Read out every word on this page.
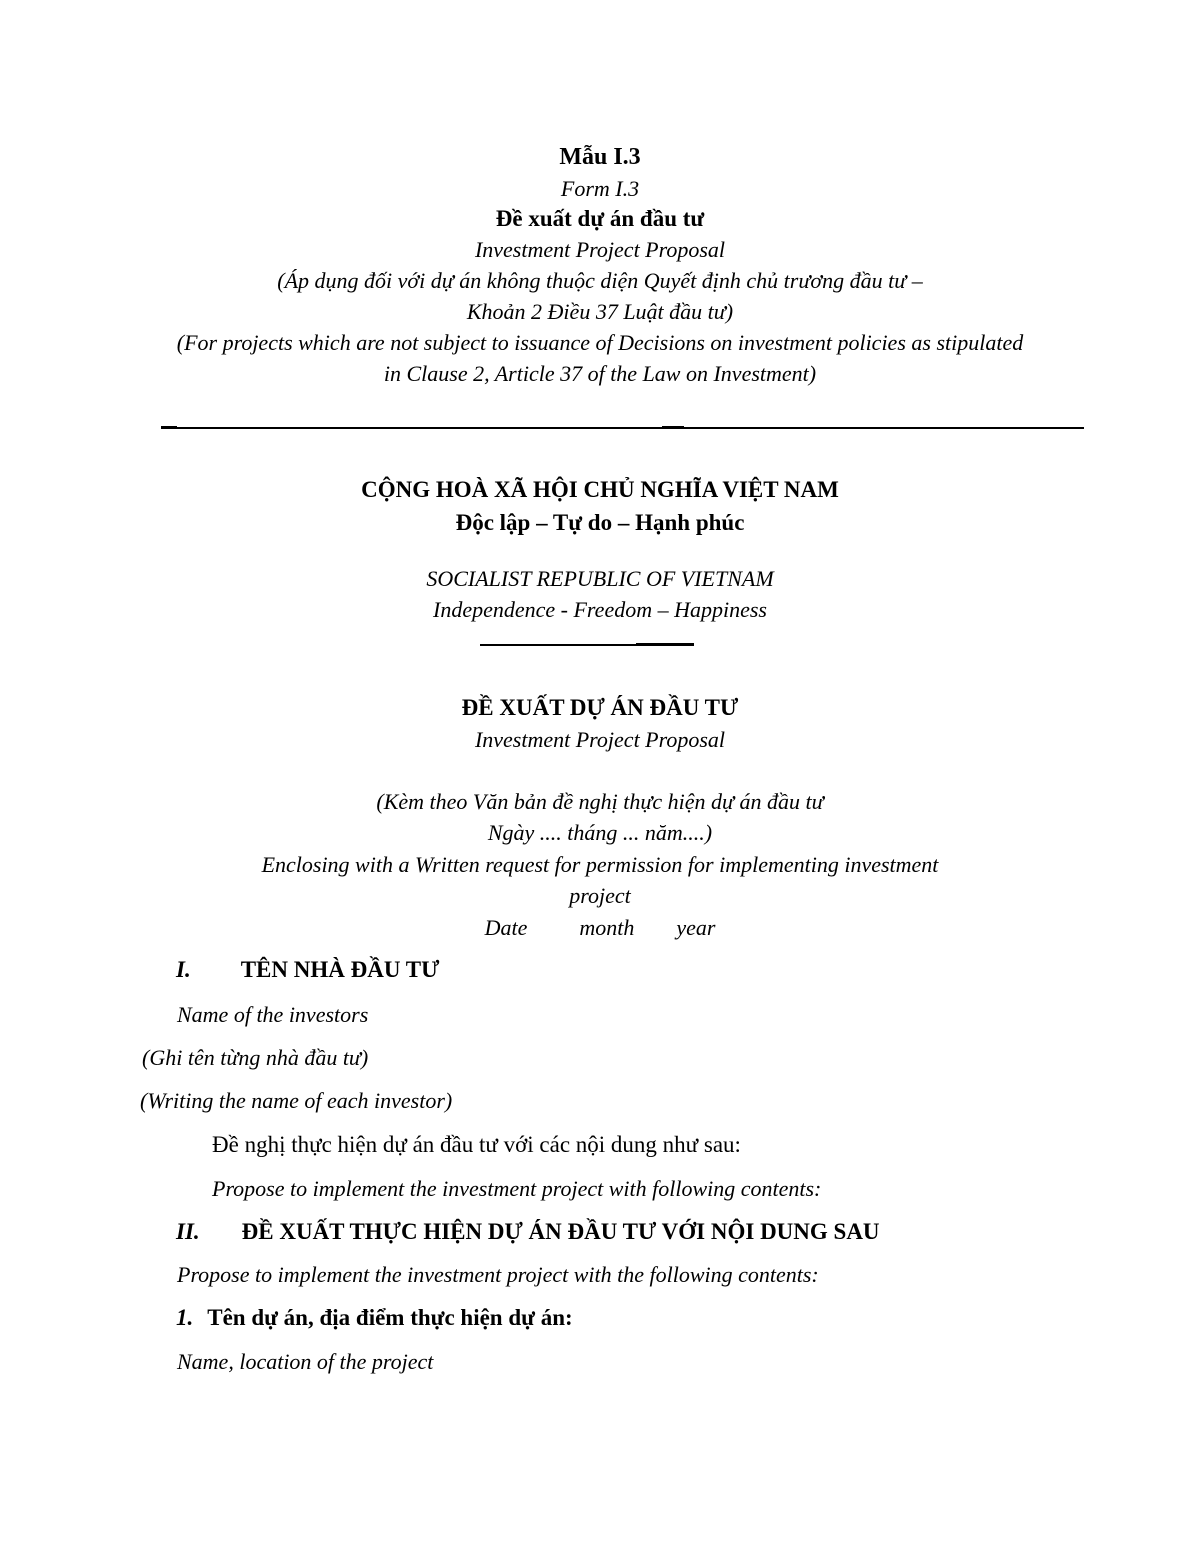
Mẫu I.3
Form I.3
Đề xuất dự án đầu tư
Investment Project Proposal
(Áp dụng đối với dự án không thuộc diện Quyết định chủ trương đầu tư –
Khoản 2 Điều 37 Luật đầu tư)
(For projects which are not subject to issuance of Decisions on investment policies as stipulated
in Clause 2, Article 37 of the Law on Investment)
CỘNG HOÀ XÃ HỘI CHỦ NGHĨA VIỆT NAM
Độc lập – Tự do – Hạnh phúc
SOCIALIST REPUBLIC OF VIETNAM
Independence - Freedom – Happiness
ĐỀ XUẤT DỰ ÁN ĐẦU TƯ
Investment Project Proposal
(Kèm theo Văn bản đề nghị thực hiện dự án đầu tư
Ngày .... tháng ... năm....)
Enclosing with a Written request for permission for implementing investment
project
Date month year
I. TÊN NHÀ ĐẦU TƯ
Name of the investors
(Ghi tên từng nhà đầu tư)
(Writing the name of each investor)
Đề nghị thực hiện dự án đầu tư với các nội dung như sau:
Propose to implement the investment project with following contents:
II. ĐỀ XUẤT THỰC HIỆN DỰ ÁN ĐẦU TƯ VỚI NỘI DUNG SAU
Propose to implement the investment project with the following contents:
1. Tên dự án, địa điểm thực hiện dự án:
Name, location of the project
